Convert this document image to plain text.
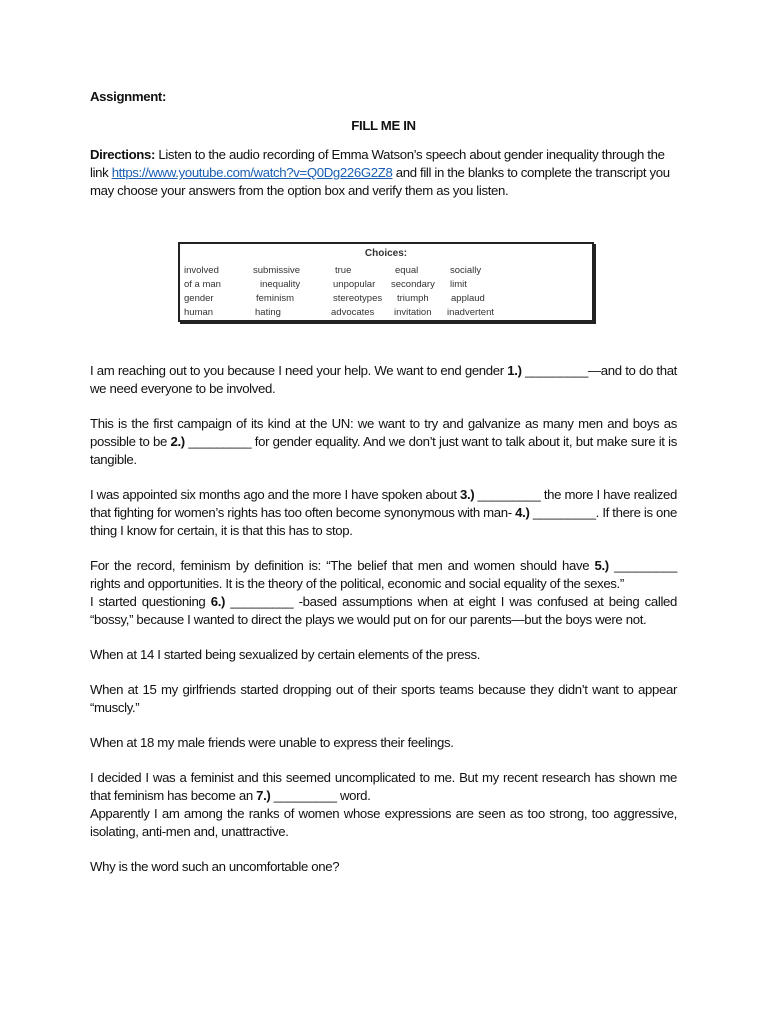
Assignment:

FILL ME IN

Directions: Listen to the audio recording of Emma Watson’s speech about gender inequality through the link https://www.youtube.com/watch?v=Q0Dg226G2Z8 and fill in the blanks to complete the transcript you may choose your answers from the option box and verify them as you listen.

Choices:
involved	submissive	true	equal	socially
of a man	inequality	unpopular secondary limit
gender	feminism	stereotypes triumph applaud
human	hating	advocates invitation inadvertent

I am reaching out to you because I need your help. We want to end gender 1.) _________—and to do that we need everyone to be involved.

This is the first campaign of its kind at the UN: we want to try and galvanize as many men and boys as possible to be 2.) _________ for gender equality. And we don’t just want to talk about it, but make sure it is tangible.

I was appointed six months ago and the more I have spoken about 3.) _________ the more I have realized that fighting for women’s rights has too often become synonymous with man- 4.) _________. If there is one thing I know for certain, it is that this has to stop.

For the record, feminism by definition is: “The belief that men and women should have 5.) _________ rights and opportunities. It is the theory of the political, economic and social equality of the sexes.”

I started questioning 6.) _________ -based assumptions when at eight I was confused at being called “bossy,” because I wanted to direct the plays we would put on for our parents—but the boys were not.

When at 14 I started being sexualized by certain elements of the press.

When at 15 my girlfriends started dropping out of their sports teams because they didn’t want to appear “muscly.”

When at 18 my male friends were unable to express their feelings.

I decided I was a feminist and this seemed uncomplicated to me. But my recent research has shown me that feminism has become an 7.) _________ word.

Apparently I am among the ranks of women whose expressions are seen as too strong, too aggressive, isolating, anti-men and, unattractive.

Why is the word such an uncomfortable one?
